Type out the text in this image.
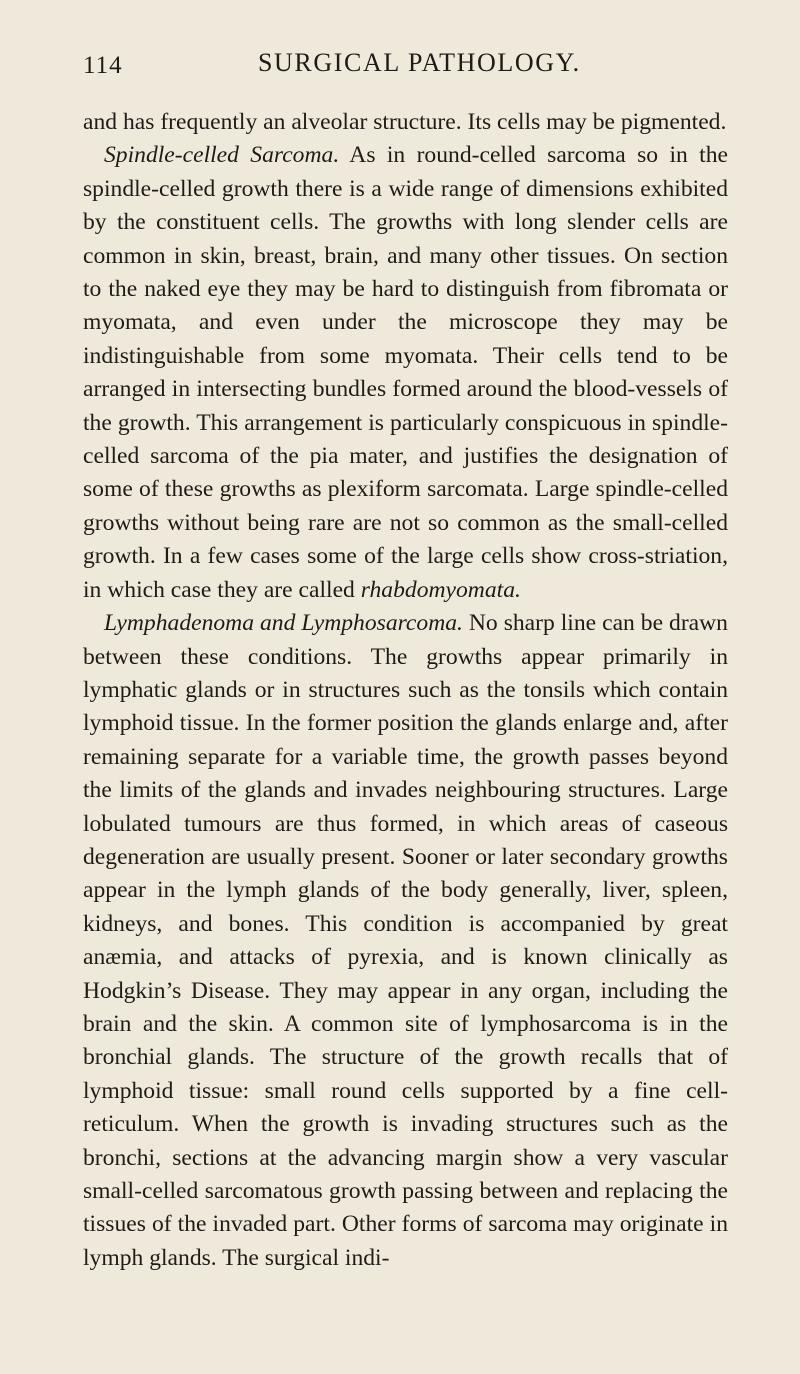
114	SURGICAL PATHOLOGY.

and has frequently an alveolar structure. Its cells may be pigmented.

Spindle-celled Sarcoma. As in round-celled sarcoma so in the spindle-celled growth there is a wide range of dimensions exhibited by the constituent cells. The growths with long slender cells are common in skin, breast, brain, and many other tissues. On section to the naked eye they may be hard to distinguish from fibromata or myomata, and even under the microscope they may be indistinguishable from some myomata. Their cells tend to be arranged in intersecting bundles formed around the blood-vessels of the growth. This arrangement is particularly conspicuous in spindle-celled sarcoma of the pia mater, and justifies the designation of some of these growths as plexiform sarcomata. Large spindle-celled growths without being rare are not so common as the small-celled growth. In a few cases some of the large cells show cross-striation, in which case they are called rhabdomyomata.

Lymphadenoma and Lymphosarcoma. No sharp line can be drawn between these conditions. The growths appear primarily in lymphatic glands or in structures such as the tonsils which contain lymphoid tissue. In the former position the glands enlarge and, after remaining separate for a variable time, the growth passes beyond the limits of the glands and invades neighbouring structures. Large lobulated tumours are thus formed, in which areas of caseous degeneration are usually present. Sooner or later secondary growths appear in the lymph glands of the body generally, liver, spleen, kidneys, and bones. This condition is accompanied by great anæmia, and attacks of pyrexia, and is known clinically as Hodgkin’s Disease. They may appear in any organ, including the brain and the skin. A common site of lymphosarcoma is in the bronchial glands. The structure of the growth recalls that of lymphoid tissue: small round cells supported by a fine cell-reticulum. When the growth is invading structures such as the bronchi, sections at the advancing margin show a very vascular small-celled sarcomatous growth passing between and replacing the tissues of the invaded part. Other forms of sarcoma may originate in lymph glands. The surgical indi-
